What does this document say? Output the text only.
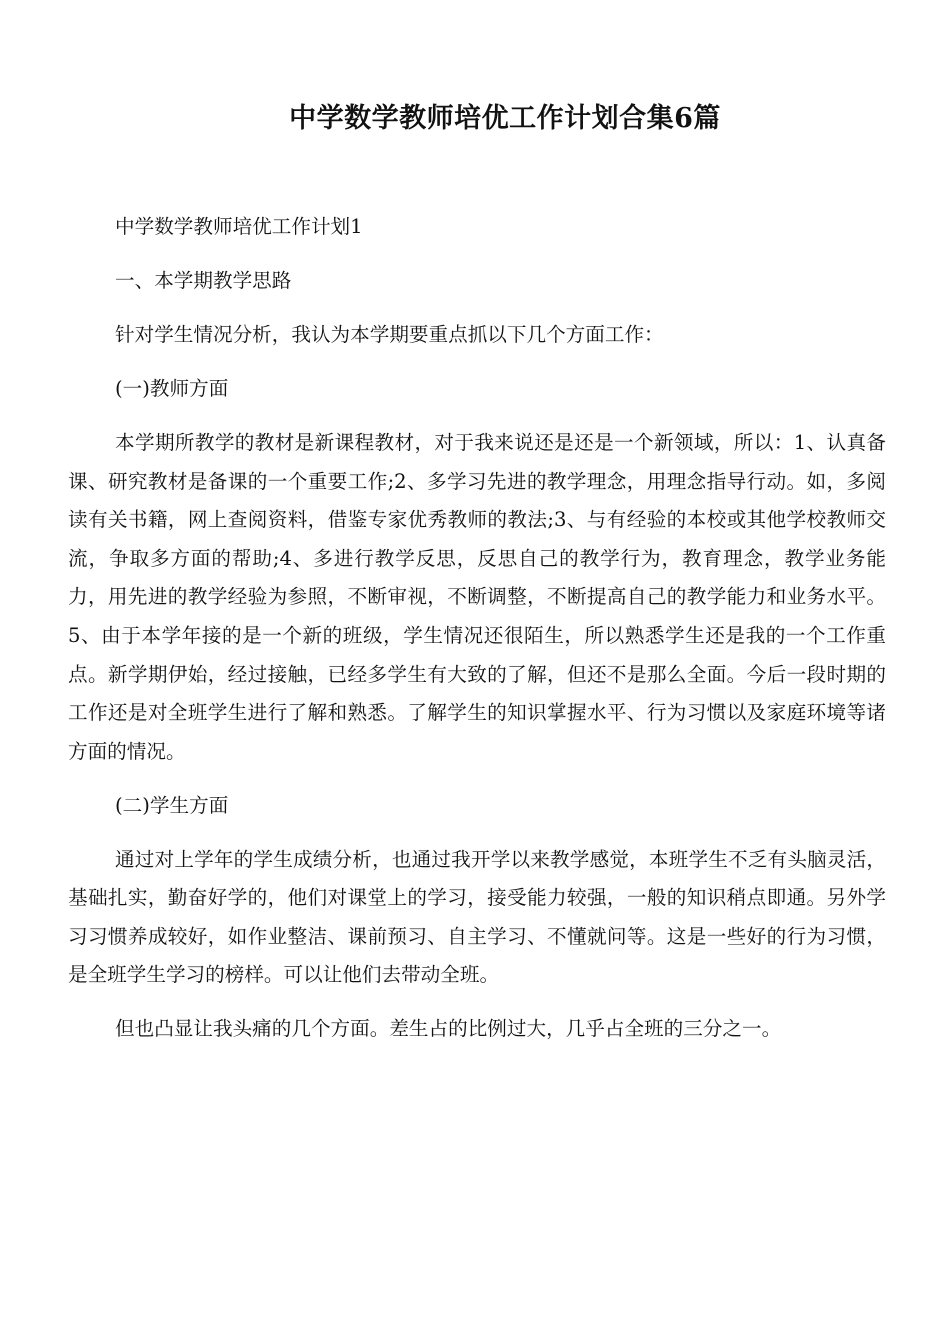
中学数学教师培优工作计划合集6篇

中学数学教师培优工作计划1

一、本学期教学思路

针对学生情况分析，我认为本学期要重点抓以下几个方面工作：

(一)教师方面

本学期所教学的教材是新课程教材，对于我来说还是还是一个新领域，所以：1、认真备课、研究教材是备课的一个重要工作;2、多学习先进的教学理念，用理念指导行动。如，多阅读有关书籍，网上查阅资料，借鉴专家优秀教师的教法;3、与有经验的本校或其他学校教师交流，争取多方面的帮助;4、多进行教学反思，反思自己的教学行为，教育理念，教学业务能力，用先进的教学经验为参照，不断审视，不断调整，不断提高自己的教学能力和业务水平。5、由于本学年接的是一个新的班级，学生情况还很陌生，所以熟悉学生还是我的一个工作重点。新学期伊始，经过接触，已经多学生有大致的了解，但还不是那么全面。今后一段时期的工作还是对全班学生进行了解和熟悉。了解学生的知识掌握水平、行为习惯以及家庭环境等诸方面的情况。

(二)学生方面

通过对上学年的学生成绩分析，也通过我开学以来教学感觉，本班学生不乏有头脑灵活，基础扎实，勤奋好学的，他们对课堂上的学习，接受能力较强，一般的知识稍点即通。另外学习习惯养成较好，如作业整洁、课前预习、自主学习、不懂就问等。这是一些好的行为习惯，是全班学生学习的榜样。可以让他们去带动全班。

但也凸显让我头痛的几个方面。差生占的比例过大，几乎占全班的三分之一。
